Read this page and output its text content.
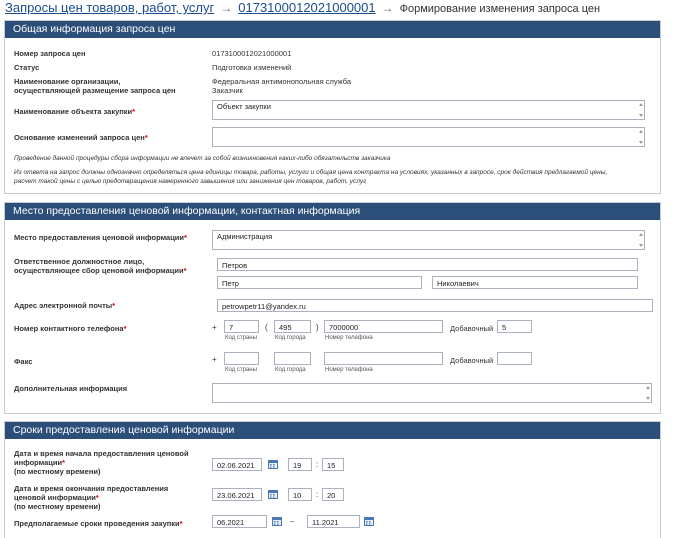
Запросы цен товаров, работ, услуг → 0173100012021000001 → Формирование изменения запроса цен
Общая информация запроса цен
Номер запроса цен	0173100012021000001
Статус	Подготовка изменений
Наименование организации,
осуществляющей размещение запроса цен
Федеральная антимонопольная служба
Заказчик
Наименование объекта закупки*
Объект закупки
Основание изменений запроса цен*
Проведение данной процедуры сбора информации не влечет за собой возникновения каких-либо обязательств заказчика
Из ответа на запрос должны однозначно определяться цена единицы товара, работы, услуги и общая цена контракта на условиях, указанных в запросе, срок действия предлагаемой цены,
расчет такой цены с целью предотвращения намеренного завышения или занижения цен товаров, работ, услуг
Место предоставления ценовой информации, контактная информация
Место предоставления ценовой информации*	Администрация
Ответственное должностное лицо,
осуществляющее сбор ценовой информации*
Петров
Петр	Николаевич
Адрес электронной почты*	petrowpetr11@yandex.ru
Номер контактного телефона*	+	7	(	495	)	7000000	Добавочный	5
Код страны	Код города	Номер телефона
Факс	+	Добавочный
Код страны	Код города	Номер телефона
Дополнительная информация
Сроки предоставления ценовой информации
Дата и время начала предоставления ценовой
информации*
(по местному времени)
02.06.2021	19	:	15
Дата и время окончания предоставления
ценовой информации*
(по местному времени)
23.06.2021	10	:	20
Предполагаемые сроки проведения закупки*	06.2021	–	11.2021
